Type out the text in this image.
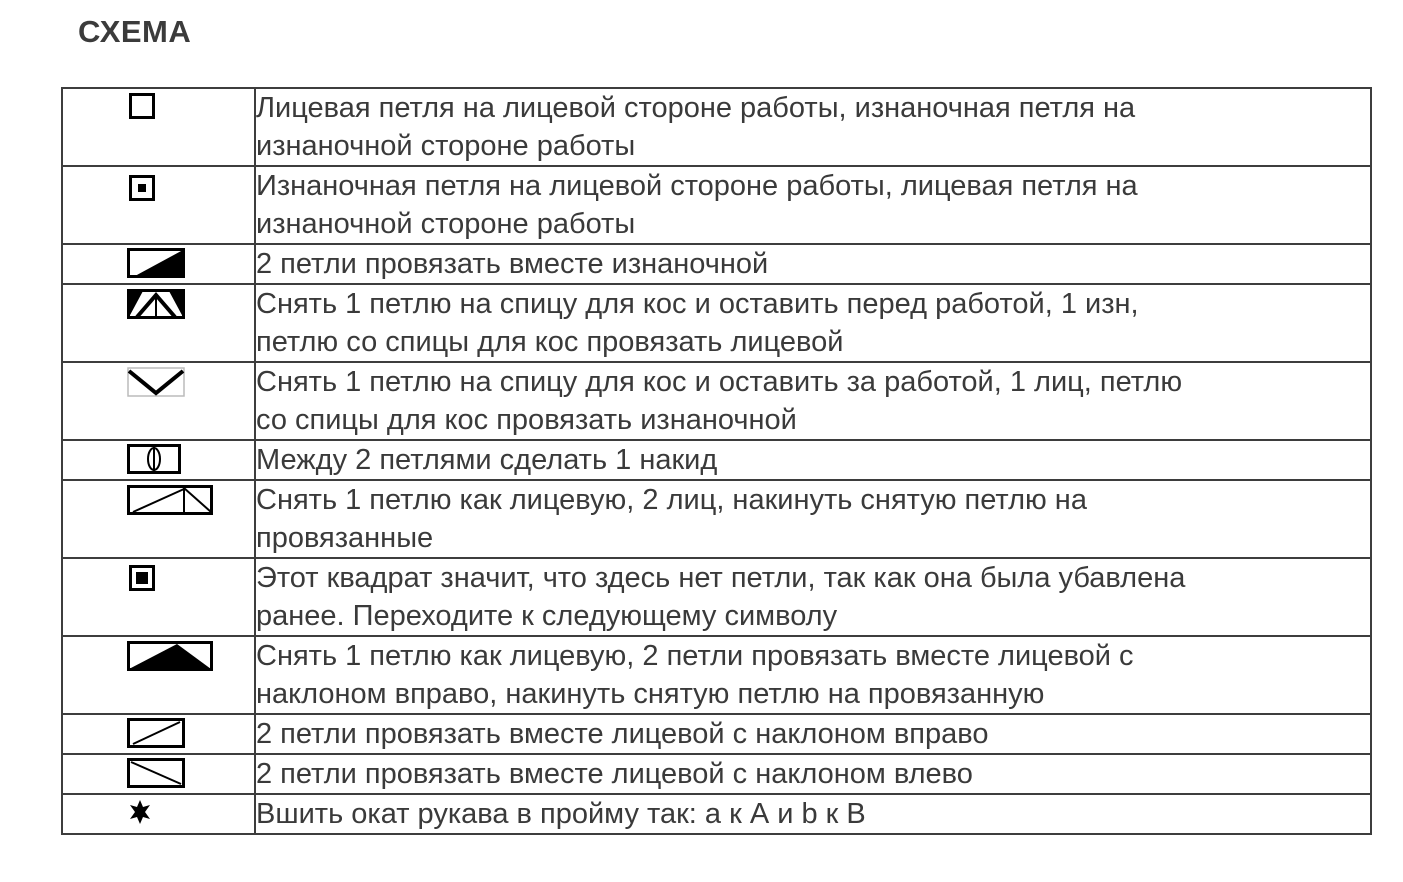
СХЕМА
	Лицевая петля на лицевой стороне работы, изнаночная петля на
изнаночной стороне работы

	Изнаночная петля на лицевой стороне работы, лицевая петля на
изнаночной стороне работы

	2 петли провязать вместе изнаночной

	Снять 1 петлю на спицу для кос и оставить перед работой, 1 изн,
петлю со спицы для кос провязать лицевой

	Снять 1 петлю на спицу для кос и оставить за работой, 1 лиц, петлю
со спицы для кос провязать изнаночной

	Между 2 петлями сделать 1 накид

	Снять 1 петлю как лицевую, 2 лиц, накинуть снятую петлю на
провязанные

	Этот квадрат значит, что здесь нет петли, так как она была убавлена
ранее. Переходите к следующему символу

	Снять 1 петлю как лицевую, 2 петли провязать вместе лицевой с
наклоном вправо, накинуть снятую петлю на провязанную

	2 петли провязать вместе лицевой с наклоном вправо

	2 петли провязать вместе лицевой с наклоном влево

	Вшить окат рукава в пройму так: а к А и b к В
